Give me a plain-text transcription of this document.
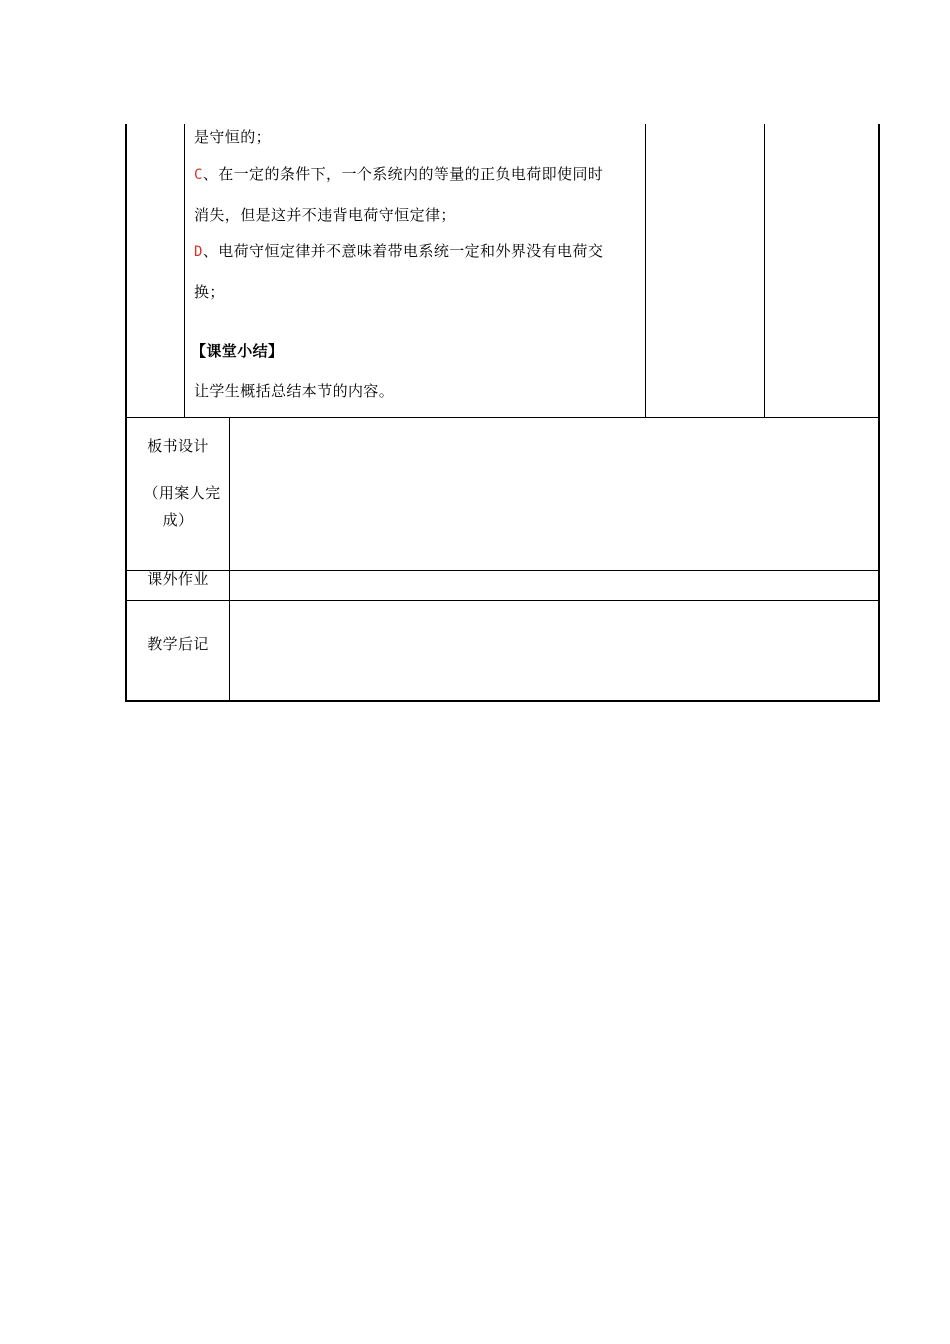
是守恒的；
C、在一定的条件下，一个系统内的等量的正负电荷即使同时
消失，但是这并不违背电荷守恒定律；
D、电荷守恒定律并不意味着带电系统一定和外界没有电荷交
换；
【课堂小结】
让学生概括总结本节的内容。
板书设计
（用案人完
成）
课外作业
教学后记
